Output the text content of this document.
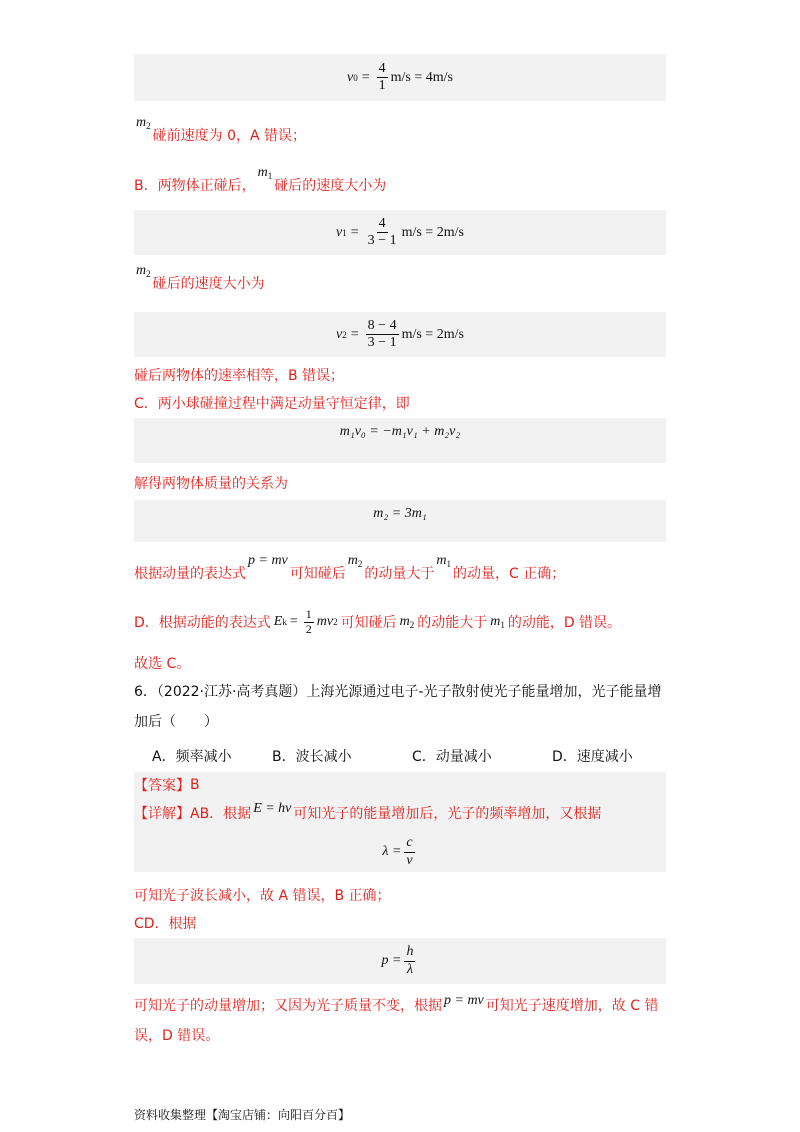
v $0 = \frac{4}{1} m/s = 4m/s$
$m_2$
碰前速度为 0，A 错误；
B．两物体正碰后，
$m_1$
碰后的速度大小为
v $1 = \frac{4}{3 - 1} m/s = 2m/s$
$m_2$
碰后的速度大小为
v $2 = \frac{8 - 4}{3 - 1} m/s = 2m/s$
碰后两物体的速率相等，B 错误；
C．两小球碰撞过程中满足动量守恒定律，即
m₁v₀ = −m₁v₁ + m₂v₂
解得两物体质量的关系为
m₂ = 3m₁
根据动量的表达式
p = mv
可知碰后
$m_2$
的动量大于
$m_1$
的动量，C 正确；
D．根据动能的表达式 E $k = \frac{1}{2}$ mv 2 可知碰后 $m_2$ 的动能大于 $m_1$ 的动能，D 错误。
故选 C。
6．（2022·江苏·高考真题）上海光源通过电子-光子散射使光子能量增加，光子能量增
加后（　　）
A．频率减小	B．波长减小	C．动量减小	D．速度减小
【答案】 B
【详解】 AB．根据 E = hν 可知光子的能量增加后，光子的频率增加，又根据
$\lambda = \frac{c}{\nu}$
可知光子波长减小，故 A 错误，B 正确；
CD．根据
$p = \frac{h}{\lambda}$
可知光子的动量增加；又因为光子质量不变，根据 p = mv 可知光子速度增加，故 C 错
误，D 错误。
资料收集整理【淘宝店铺：向阳百分百】
